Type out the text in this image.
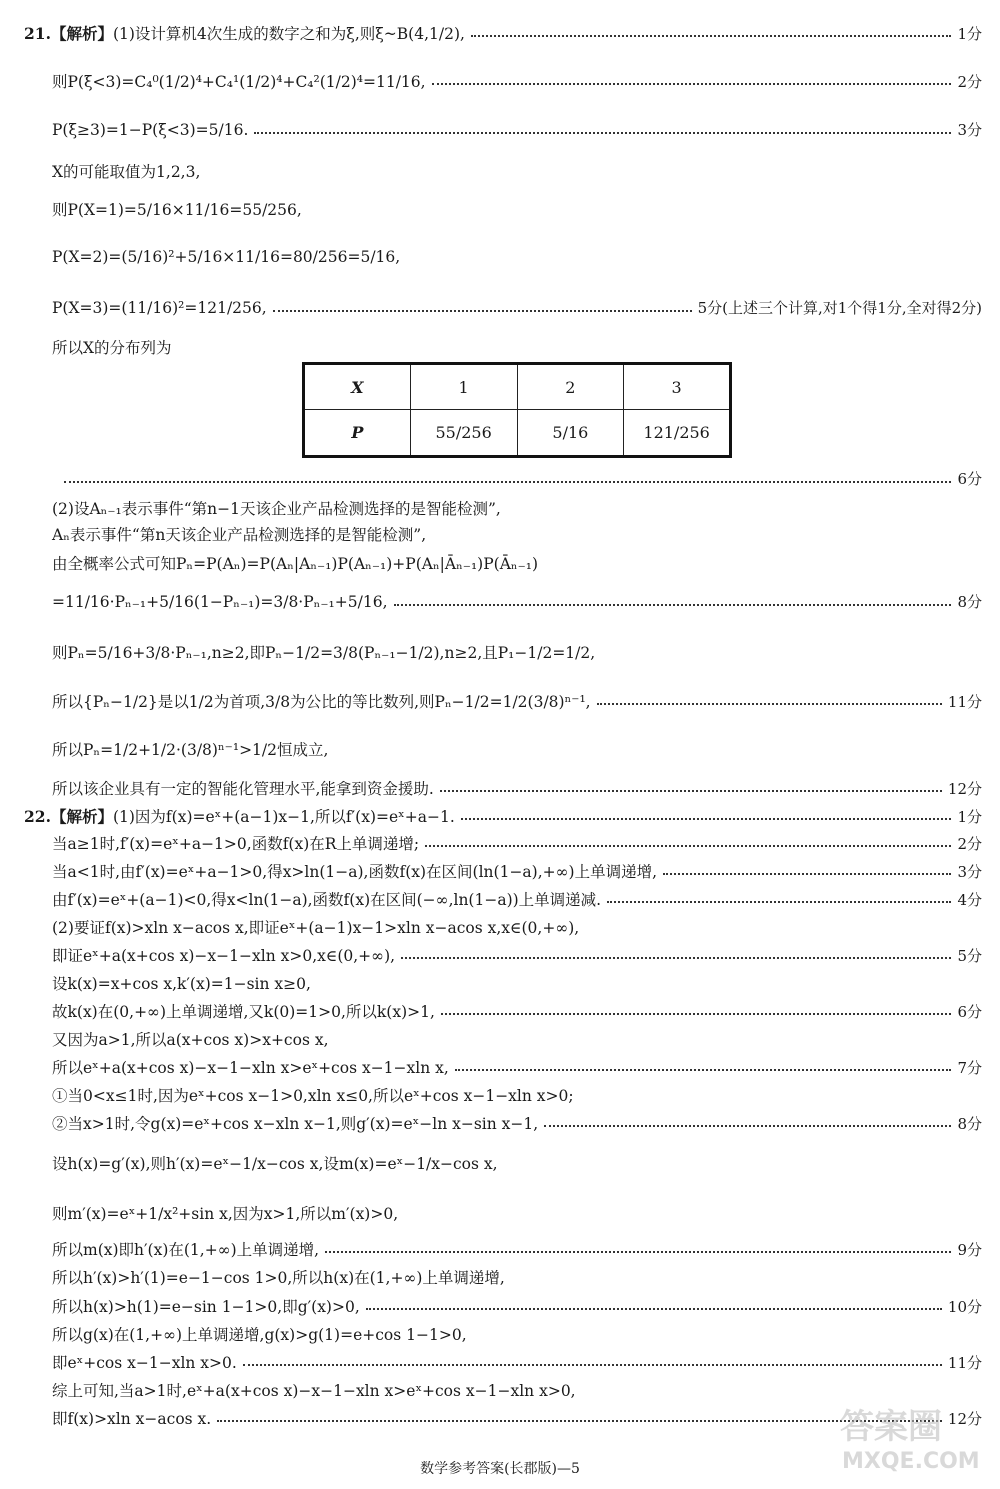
21.【解析】(1)设计算机4次生成的数字之和为ξ,则ξ~B(4,1/2),	1分
则P(ξ<3)=C₄⁰(1/2)⁴+C₄¹(1/2)⁴+C₄²(1/2)⁴=11/16,	2分
P(ξ≥3)=1−P(ξ<3)=5/16.	3分
X的可能取值为1,2,3,
则P(X=1)=5/16×11/16=55/256,
P(X=2)=(5/16)²+5/16×11/16=80/256=5/16,
P(X=3)=(11/16)²=121/256,	5分(上述三个计算,对1个得1分,全对得2分)
所以X的分布列为
X	1	2	3
P	55/256	5/16	121/256
6分
(2)设Aₙ₋₁表示事件“第n−1天该企业产品检测选择的是智能检测”,
Aₙ表示事件“第n天该企业产品检测选择的是智能检测”,
由全概率公式可知Pₙ=P(Aₙ)=P(Aₙ|Aₙ₋₁)P(Aₙ₋₁)+P(Aₙ|Āₙ₋₁)P(Āₙ₋₁)
=11/16·Pₙ₋₁+5/16(1−Pₙ₋₁)=3/8·Pₙ₋₁+5/16,	8分
则Pₙ=5/16+3/8·Pₙ₋₁,n≥2,即Pₙ−1/2=3/8(Pₙ₋₁−1/2),n≥2,且P₁−1/2=1/2,
所以{Pₙ−1/2}是以1/2为首项,3/8为公比的等比数列,则Pₙ−1/2=1/2(3/8)ⁿ⁻¹,	11分
所以Pₙ=1/2+1/2·(3/8)ⁿ⁻¹>1/2恒成立,
所以该企业具有一定的智能化管理水平,能拿到资金援助.	12分
22.【解析】(1)因为f(x)=eˣ+(a−1)x−1,所以f′(x)=eˣ+a−1.	1分
当a≥1时,f′(x)=eˣ+a−1>0,函数f(x)在R上单调递增;	2分
当a<1时,由f′(x)=eˣ+a−1>0,得x>ln(1−a),函数f(x)在区间(ln(1−a),+∞)上单调递增,	3分
由f′(x)=eˣ+(a−1)<0,得x<ln(1−a),函数f(x)在区间(−∞,ln(1−a))上单调递减.	4分
(2)要证f(x)>xln x−acos x,即证eˣ+(a−1)x−1>xln x−acos x,x∈(0,+∞),
即证eˣ+a(x+cos x)−x−1−xln x>0,x∈(0,+∞),	5分
设k(x)=x+cos x,k′(x)=1−sin x≥0,
故k(x)在(0,+∞)上单调递增,又k(0)=1>0,所以k(x)>1,	6分
又因为a>1,所以a(x+cos x)>x+cos x,
所以eˣ+a(x+cos x)−x−1−xln x>eˣ+cos x−1−xln x,	7分
①当0<x≤1时,因为eˣ+cos x−1>0,xln x≤0,所以eˣ+cos x−1−xln x>0;
②当x>1时,令g(x)=eˣ+cos x−xln x−1,则g′(x)=eˣ−ln x−sin x−1,	8分
设h(x)=g′(x),则h′(x)=eˣ−1/x−cos x,设m(x)=eˣ−1/x−cos x,
则m′(x)=eˣ+1/x²+sin x,因为x>1,所以m′(x)>0,
所以m(x)即h′(x)在(1,+∞)上单调递增,	9分
所以h′(x)>h′(1)=e−1−cos 1>0,所以h(x)在(1,+∞)上单调递增,
所以h(x)>h(1)=e−sin 1−1>0,即g′(x)>0,	10分
所以g(x)在(1,+∞)上单调递增,g(x)>g(1)=e+cos 1−1>0,
即eˣ+cos x−1−xln x>0.	11分
综上可知,当a>1时,eˣ+a(x+cos x)−x−1−xln x>eˣ+cos x−1−xln x>0,
即f(x)>xln x−acos x.	12分
数学参考答案(长郡版)—5
答案圈
MXQE.COM
